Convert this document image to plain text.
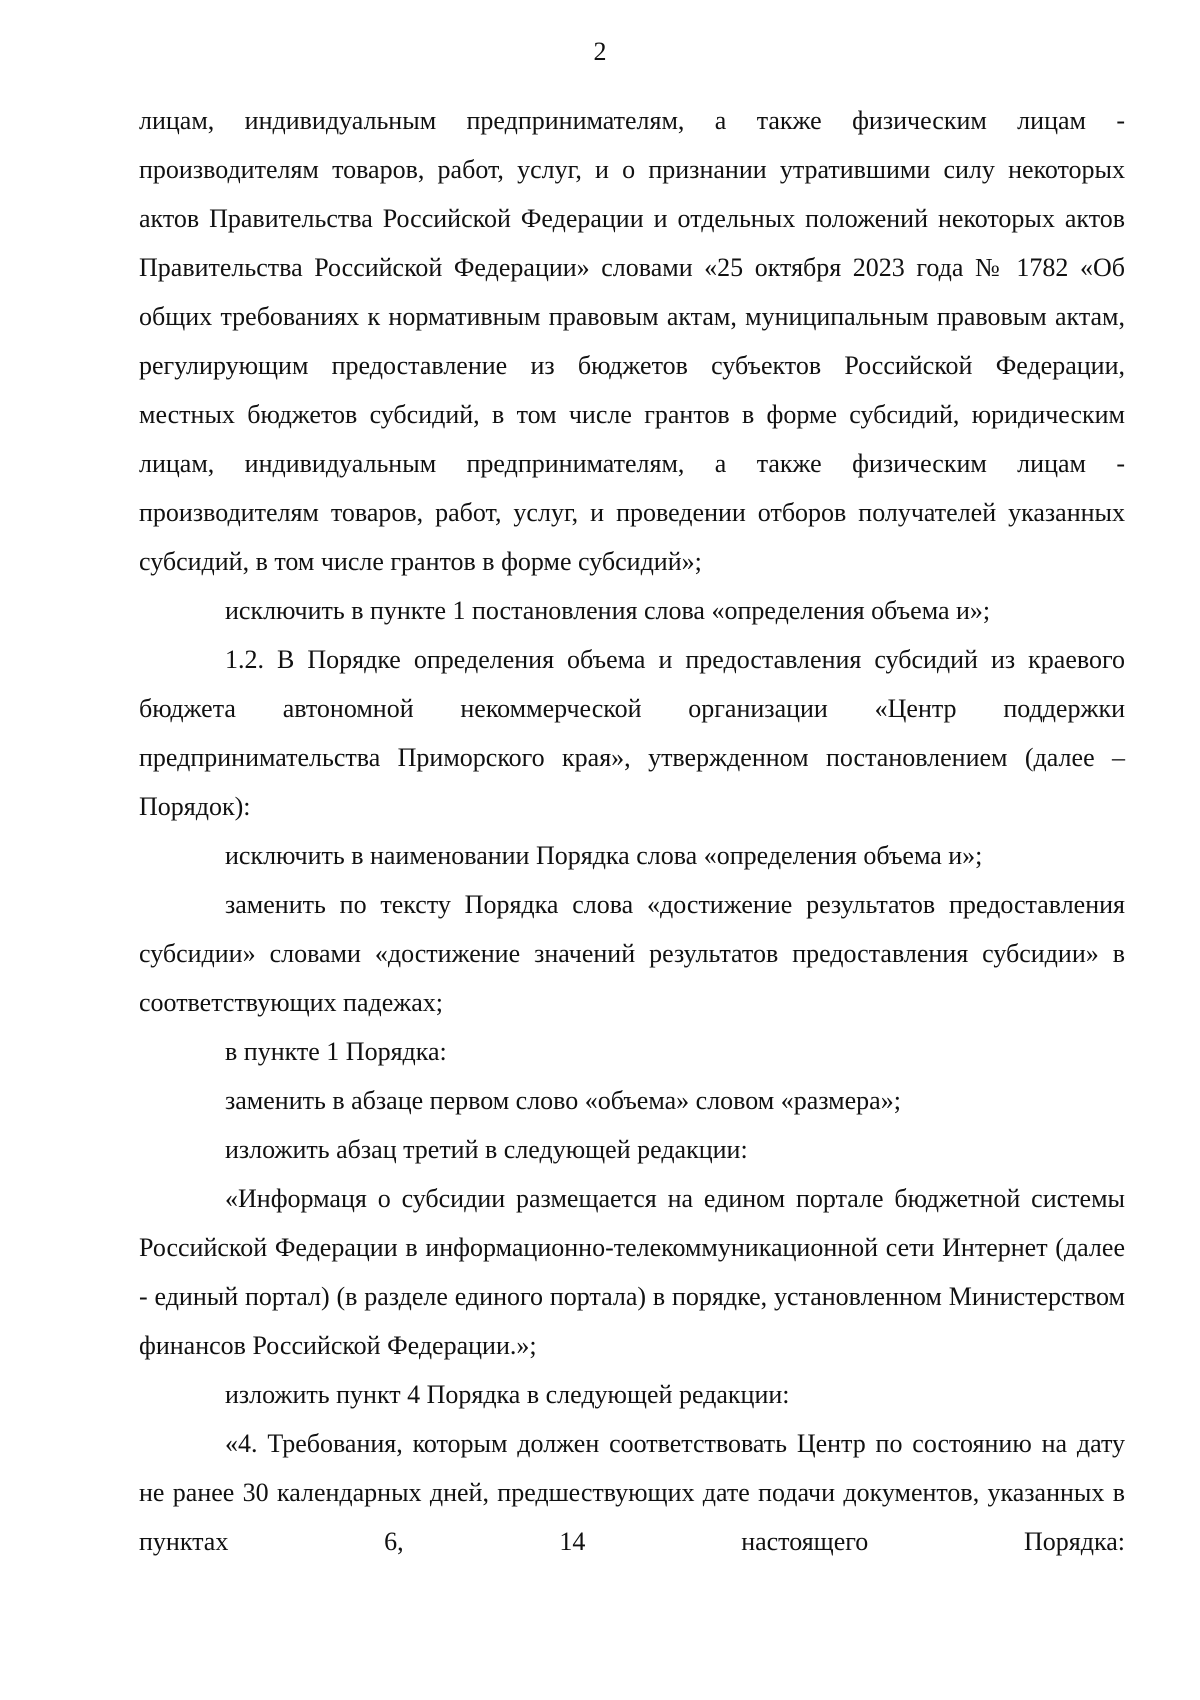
2

лицам, индивидуальным предпринимателям, а также физическим лицам - производителям товаров, работ, услуг, и о признании утратившими силу некоторых актов Правительства Российской Федерации и отдельных положений некоторых актов Правительства Российской Федерации» словами «25 октября 2023 года № 1782 «Об общих требованиях к нормативным правовым актам, муниципальным правовым актам, регулирующим предоставление из бюджетов субъектов Российской Федерации, местных бюджетов субсидий, в том числе грантов в форме субсидий, юридическим лицам, индивидуальным предпринимателям, а также физическим лицам - производителям товаров, работ, услуг, и проведении отборов получателей указанных субсидий, в том числе грантов в форме субсидий»;

исключить в пункте 1 постановления слова «определения объема и»;

1.2. В Порядке определения объема и предоставления субсидий из краевого бюджета автономной некоммерческой организации «Центр поддержки предпринимательства Приморского края», утвержденном постановлением (далее – Порядок):

исключить в наименовании Порядка слова «определения объема и»;

заменить по тексту Порядка слова «достижение результатов предоставления субсидии» словами «достижение значений результатов предоставления субсидии» в соответствующих падежах;

в пункте 1 Порядка:

заменить в абзаце первом слово «объема» словом «размера»;

изложить абзац третий в следующей редакции:

«Информаця о субсидии размещается на едином портале бюджетной системы Российской Федерации в информационно-телекоммуникационной сети Интернет (далее - единый портал) (в разделе единого портала) в порядке, установленном Министерством финансов Российской Федерации.»;

изложить пункт 4 Порядка в следующей редакции:

«4. Требования, которым должен соответствовать Центр по состоянию на дату не ранее 30 календарных дней, предшествующих дате подачи документов, указанных в пунктах 6, 14 настоящего Порядка:
